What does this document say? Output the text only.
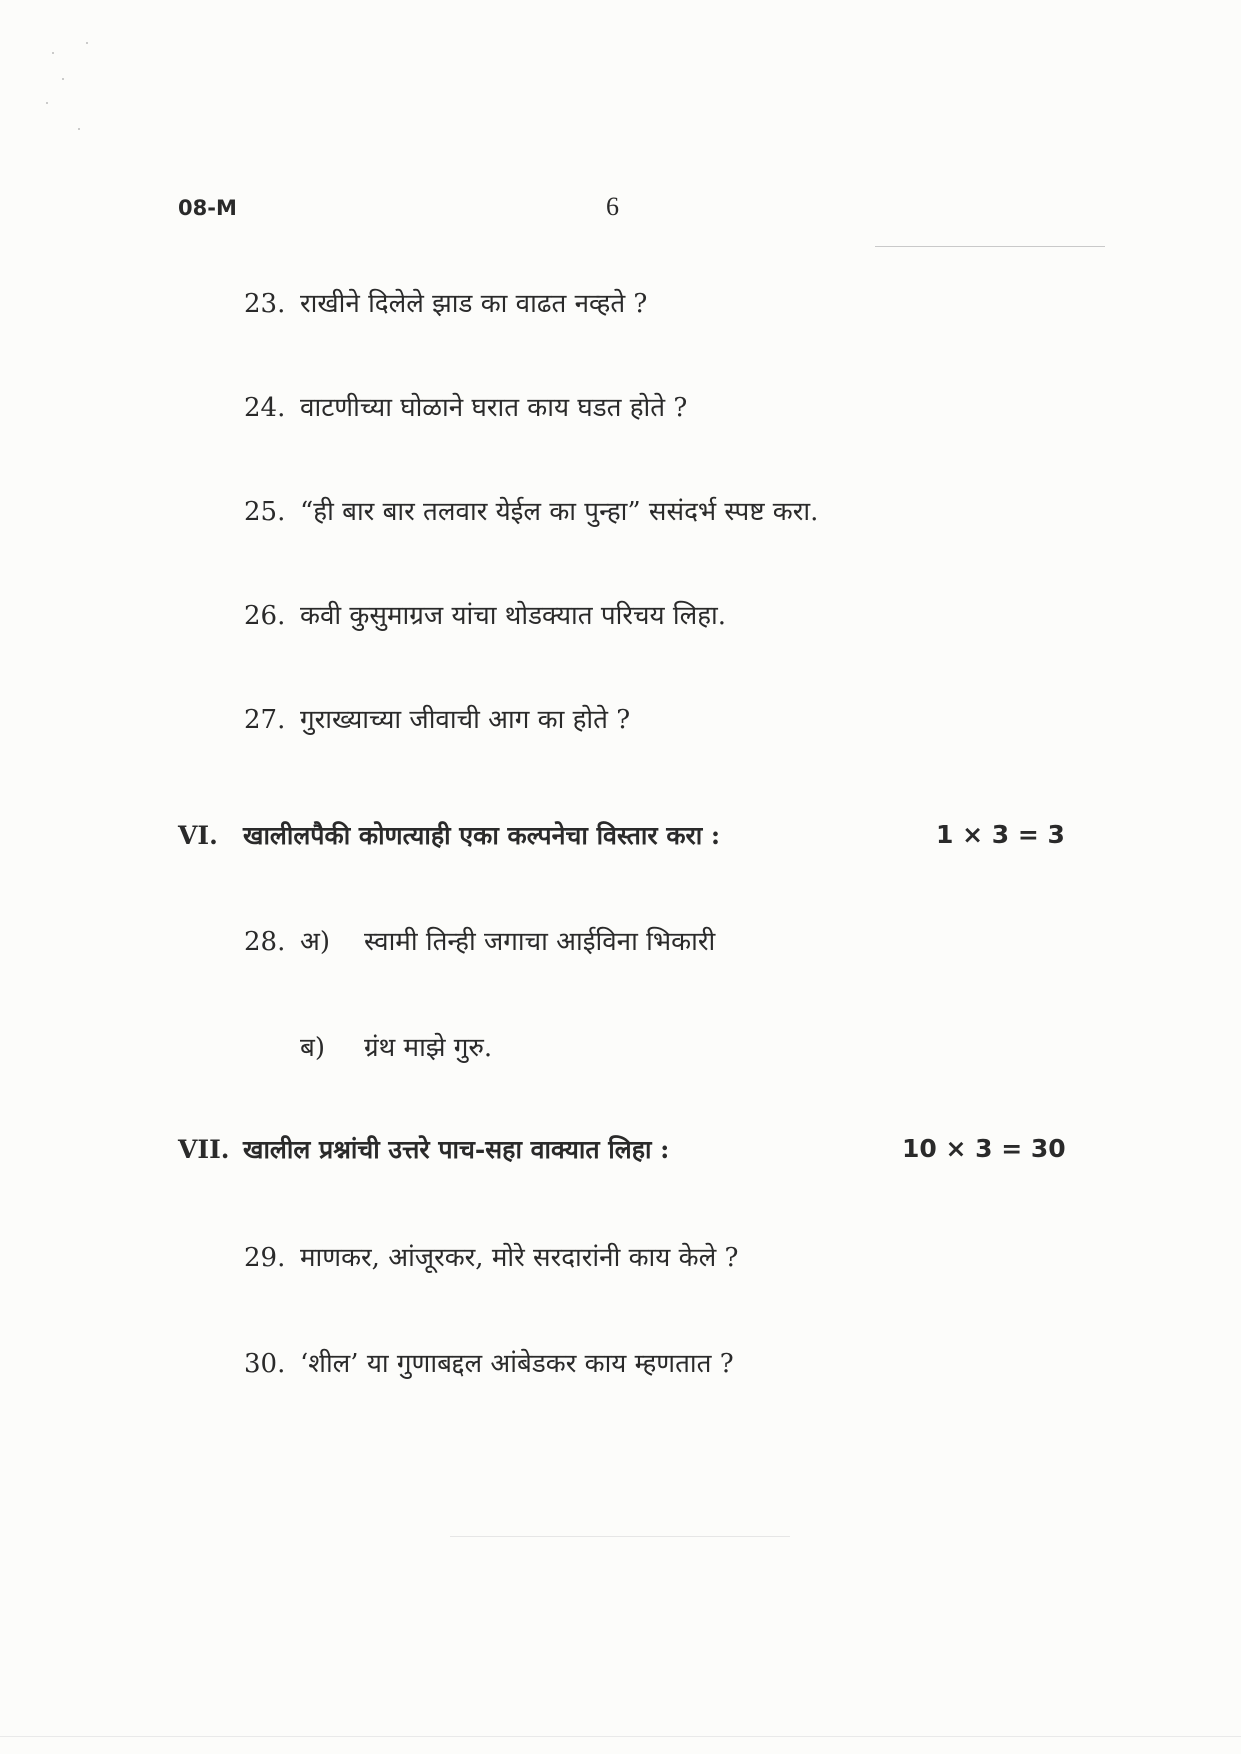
08-M	6
23. राखीने दिलेले झाड का वाढत नव्हते ?
24. वाटणीच्या घोळाने घरात काय घडत होते ?
25. “ही बार बार तलवार येईल का पुन्हा” ससंदर्भ स्पष्ट करा.
26. कवी कुसुमाग्रज यांचा थोडक्यात परिचय लिहा.
27. गुराख्याच्या जीवाची आग का होते ?
VI. खालीलपैकी कोणत्याही एका कल्पनेचा विस्तार करा :	1 × 3 = 3
28. अ) स्वामी तिन्ही जगाचा आईविना भिकारी
ब) ग्रंथ माझे गुरु.
VII. खालील प्रश्नांची उत्तरे पाच-सहा वाक्यात लिहा :	10 × 3 = 30
29. माणकर, आंजूरकर, मोरे सरदारांनी काय केले ?
30. ‘शील’ या गुणाबद्दल आंबेडकर काय म्हणतात ?
